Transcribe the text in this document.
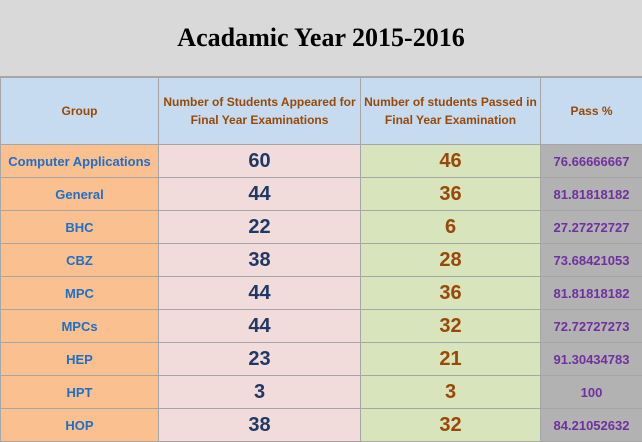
Acadamic Year 2015-2016
Group	Number of Students Appeared for Final Year Examinations	Number of students Passed in Final Year Examination	Pass %
Computer Applications	60	46	76.66666667
General	44	36	81.81818182
BHC	22	6	27.27272727
CBZ	38	28	73.68421053
MPC	44	36	81.81818182
MPCs	44	32	72.72727273
HEP	23	21	91.30434783
HPT	3	3	100
HOP	38	32	84.21052632
